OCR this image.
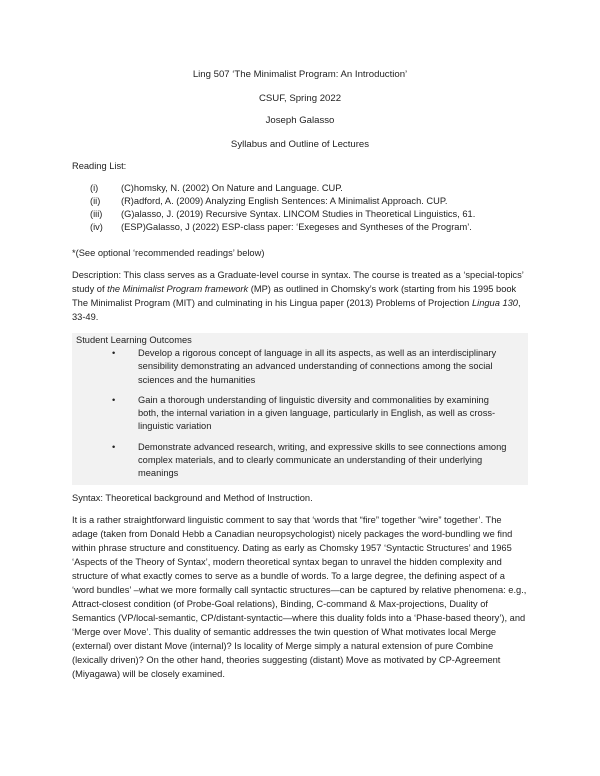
Ling 507 ‘The Minimalist Program: An Introduction’
CSUF, Spring 2022
Joseph Galasso
Syllabus and Outline of Lectures
Reading List:
(i) (C)homsky, N. (2002) On Nature and Language. CUP.
(ii) (R)adford, A. (2009) Analyzing English Sentences: A Minimalist Approach. CUP.
(iii) (G)alasso, J. (2019) Recursive Syntax. LINCOM Studies in Theoretical Linguistics, 61.
(iv) (ESP)Galasso, J (2022) ESP-class paper: ‘Exegeses and Syntheses of the Program’.
*(See optional ‘recommended readings’ below)
Description: This class serves as a Graduate-level course in syntax. The course is treated as a ‘special-topics’ study of the Minimalist Program framework (MP) as outlined in Chomsky’s work (starting from his 1995 book The Minimalist Program (MIT) and culminating in his Lingua paper (2013) Problems of Projection Lingua 130, 33-49.
Student Learning Outcomes
• Develop a rigorous concept of language in all its aspects, as well as an interdisciplinary sensibility demonstrating an advanced understanding of connections among the social sciences and the humanities
• Gain a thorough understanding of linguistic diversity and commonalities by examining both, the internal variation in a given language, particularly in English, as well as cross-linguistic variation
• Demonstrate advanced research, writing, and expressive skills to see connections among complex materials, and to clearly communicate an understanding of their underlying meanings
Syntax: Theoretical background and Method of Instruction.
It is a rather straightforward linguistic comment to say that ‘words that “fire” together “wire” together’. The adage (taken from Donald Hebb a Canadian neuropsychologist) nicely packages the word-bundling we find within phrase structure and constituency. Dating as early as Chomsky 1957 ‘Syntactic Structures’ and 1965 ‘Aspects of the Theory of Syntax’, modern theoretical syntax began to unravel the hidden complexity and structure of what exactly comes to serve as a bundle of words. To a large degree, the defining aspect of a ‘word bundles’ –what we more formally call syntactic structures—can be captured by relative phenomena: e.g., Attract-closest condition (of Probe-Goal relations), Binding, C-command & Max-projections, Duality of Semantics (VP/local-semantic, CP/distant-syntactic—where this duality folds into a ‘Phase-based theory’), and ‘Merge over Move’. This duality of semantic addresses the twin question of What motivates local Merge (external) over distant Move (internal)? Is locality of Merge simply a natural extension of pure Combine (lexically driven)? On the other hand, theories suggesting (distant) Move as motivated by CP-Agreement (Miyagawa) will be closely examined.
